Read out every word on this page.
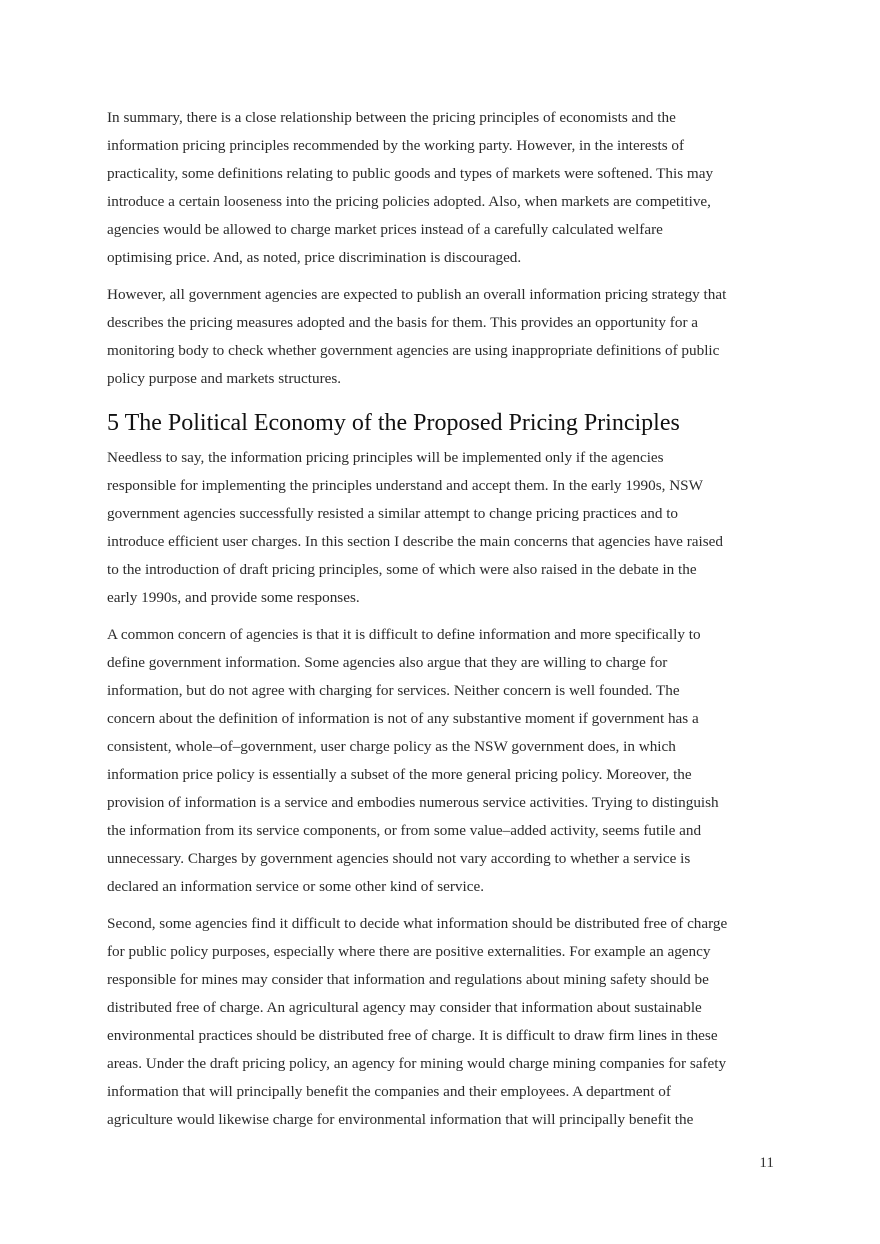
In summary, there is a close relationship between the pricing principles of economists and the
information pricing principles recommended by the working party. However, in the interests of
practicality, some definitions relating to public goods and types of markets were softened. This may
introduce a certain looseness into the pricing policies adopted. Also, when markets are competitive,
agencies would be allowed to charge market prices instead of a carefully calculated welfare
optimising price. And, as noted, price discrimination is discouraged.

However, all government agencies are expected to publish an overall information pricing strategy that
describes the pricing measures adopted and the basis for them. This provides an opportunity for a
monitoring body to check whether government agencies are using inappropriate definitions of public
policy purpose and markets structures.

5 The Political Economy of the Proposed Pricing Principles

Needless to say, the information pricing principles will be implemented only if the agencies
responsible for implementing the principles understand and accept them. In the early 1990s, NSW
government agencies successfully resisted a similar attempt to change pricing practices and to
introduce efficient user charges. In this section I describe the main concerns that agencies have raised
to the introduction of draft pricing principles, some of which were also raised in the debate in the
early 1990s, and provide some responses.

A common concern of agencies is that it is difficult to define information and more specifically to
define government information. Some agencies also argue that they are willing to charge for
information, but do not agree with charging for services. Neither concern is well founded. The
concern about the definition of information is not of any substantive moment if government has a
consistent, whole–of–government, user charge policy as the NSW government does, in which
information price policy is essentially a subset of the more general pricing policy. Moreover, the
provision of information is a service and embodies numerous service activities. Trying to distinguish
the information from its service components, or from some value–added activity, seems futile and
unnecessary. Charges by government agencies should not vary according to whether a service is
declared an information service or some other kind of service.

Second, some agencies find it difficult to decide what information should be distributed free of charge
for public policy purposes, especially where there are positive externalities. For example an agency
responsible for mines may consider that information and regulations about mining safety should be
distributed free of charge. An agricultural agency may consider that information about sustainable
environmental practices should be distributed free of charge. It is difficult to draw firm lines in these
areas. Under the draft pricing policy, an agency for mining would charge mining companies for safety
information that will principally benefit the companies and their employees. A department of
agriculture would likewise charge for environmental information that will principally benefit the

11
